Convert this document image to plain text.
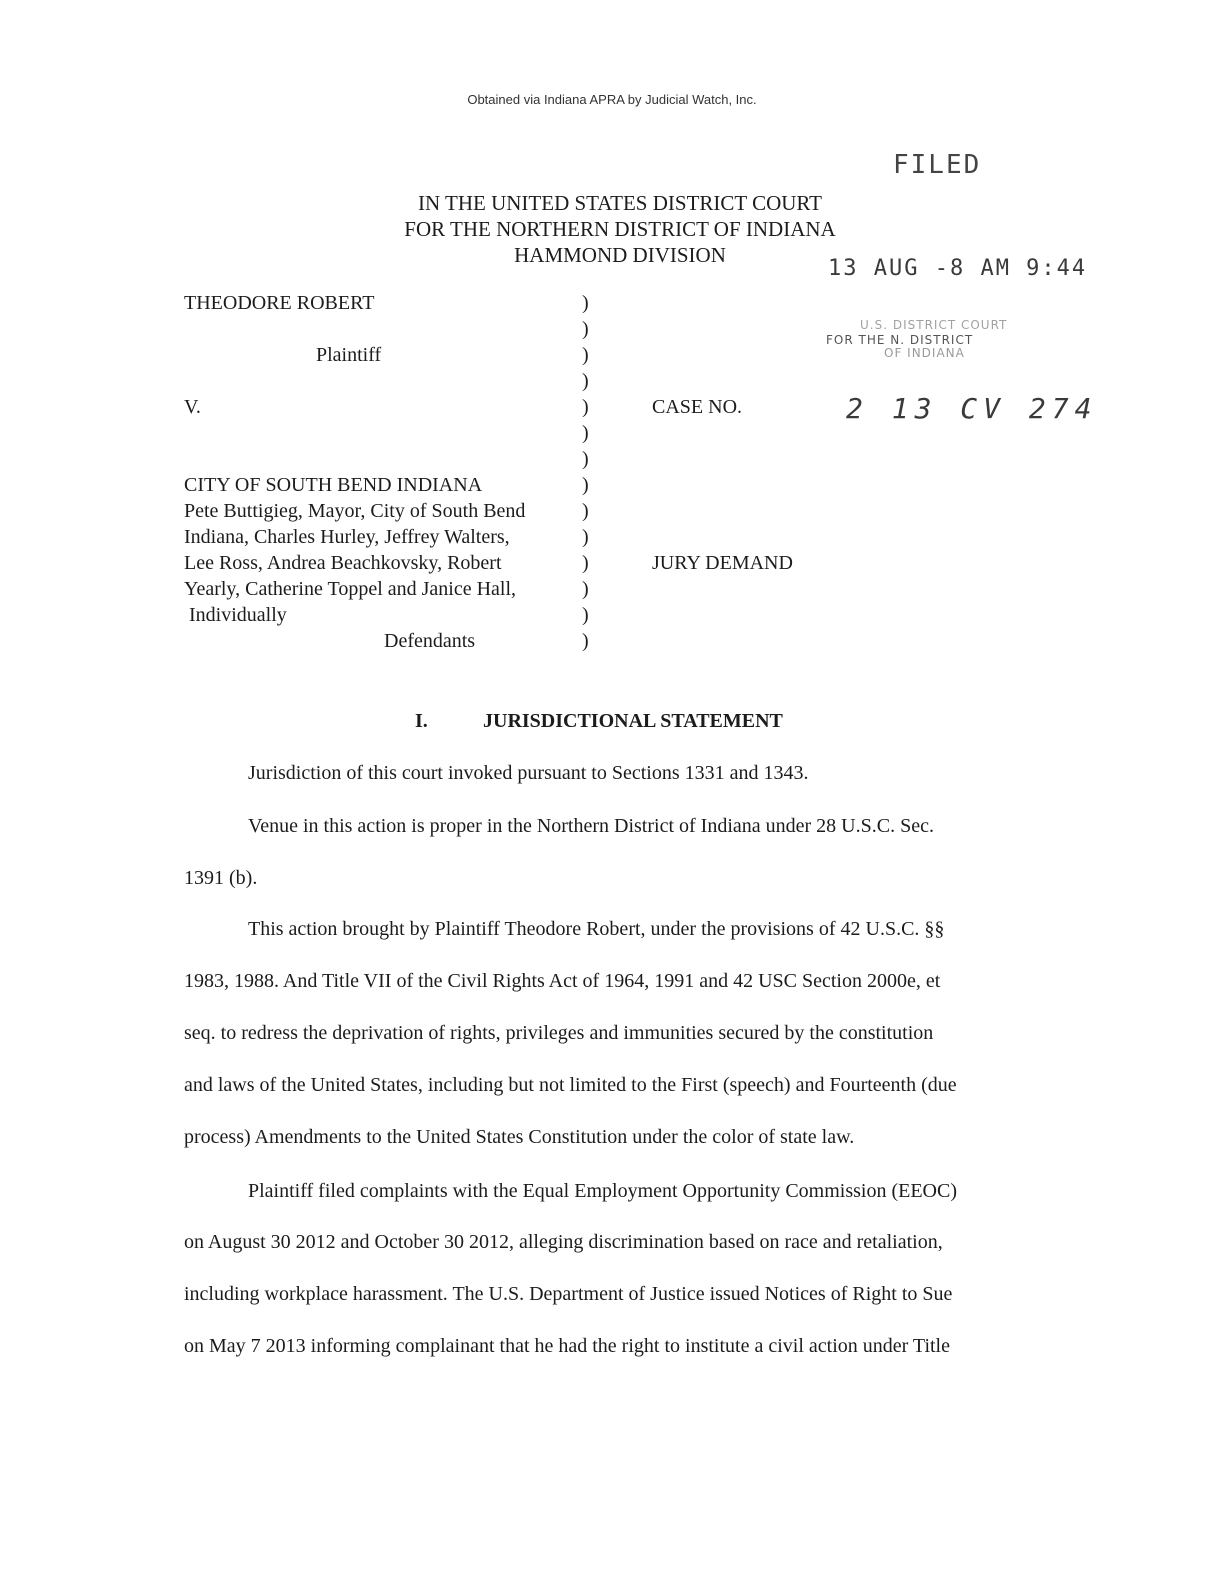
Obtained via Indiana APRA by Judicial Watch, Inc.
FILED
13 AUG -8 AM 9:44
U.S. DISTRICT COURT
FOR THE N. DISTRICT
OF INDIANA
2 13 CV 274
IN THE UNITED STATES DISTRICT COURT
FOR THE NORTHERN DISTRICT OF INDIANA
HAMMOND DIVISION
THEODORE ROBERT
Plaintiff
V.
CITY OF SOUTH BEND INDIANA
Pete Buttigieg, Mayor, City of South Bend
Indiana, Charles Hurley, Jeffrey Walters,
Lee Ross, Andrea Beachkovsky, Robert
Yearly, Catherine Toppel and Janice Hall,
Individually
Defendants
)
)
)
)
)
)
)
)
)
)
)
)
)
)
CASE NO.
JURY DEMAND
I.	JURISDICTIONAL STATEMENT
Jurisdiction of this court invoked pursuant to Sections 1331 and 1343.
Venue in this action is proper in the Northern District of Indiana under 28 U.S.C. Sec.
1391 (b).
This action brought by Plaintiff Theodore Robert, under the provisions of 42 U.S.C. §§
1983, 1988. And Title VII of the Civil Rights Act of 1964, 1991 and 42 USC Section 2000e, et
seq. to redress the deprivation of rights, privileges and immunities secured by the constitution
and laws of the United States, including but not limited to the First (speech) and Fourteenth (due
process) Amendments to the United States Constitution under the color of state law.
Plaintiff filed complaints with the Equal Employment Opportunity Commission (EEOC)
on August 30 2012 and October 30 2012, alleging discrimination based on race and retaliation,
including workplace harassment. The U.S. Department of Justice issued Notices of Right to Sue
on May 7 2013 informing complainant that he had the right to institute a civil action under Title
